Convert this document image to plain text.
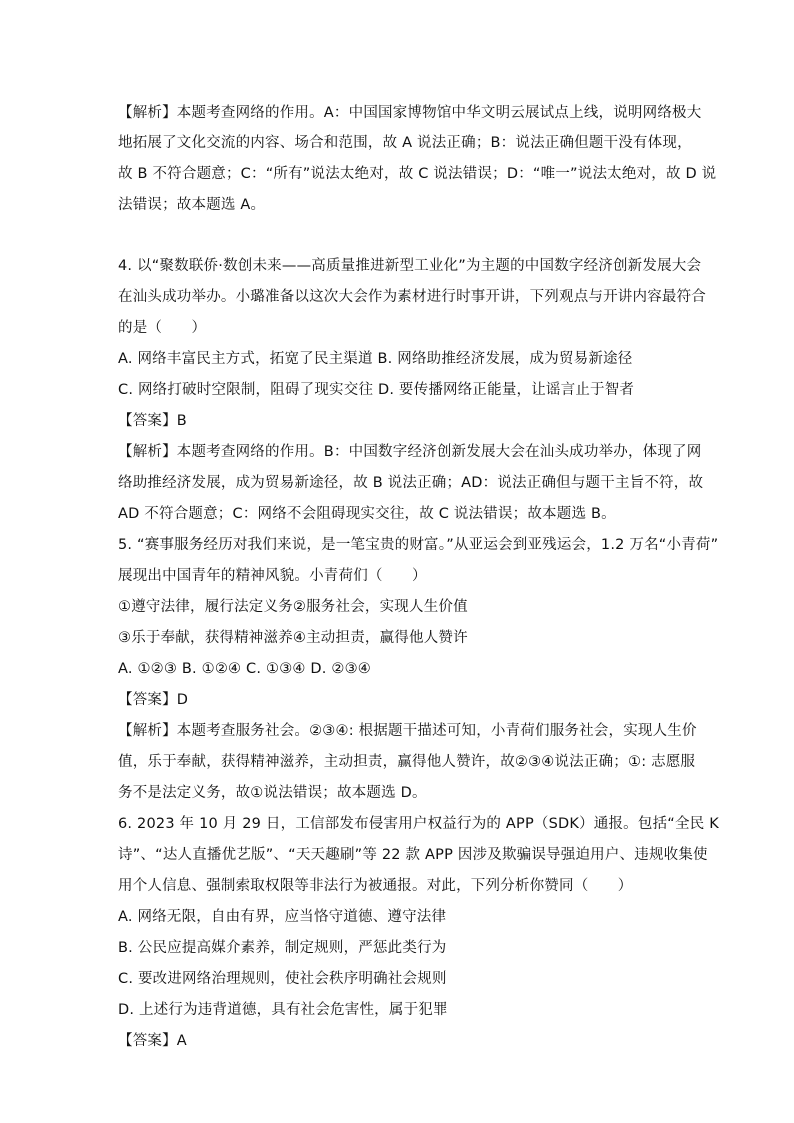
【解析】本题考查网络的作用。A：中国国家博物馆中华文明云展试点上线，说明网络极大
地拓展了文化交流的内容、场合和范围，故 A 说法正确；B：说法正确但题干没有体现，
故 B 不符合题意；C：“所有”说法太绝对，故 C 说法错误；D：“唯一”说法太绝对，故 D 说
法错误；故本题选 A。
4. 以“聚数联侨·数创未来——高质量推进新型工业化”为主题的中国数字经济创新发展大会
在汕头成功举办。小璐准备以这次大会作为素材进行时事开讲，下列观点与开讲内容最符合
的是（　　）
A. 网络丰富民主方式，拓宽了民主渠道 B. 网络助推经济发展，成为贸易新途径
C. 网络打破时空限制，阻碍了现实交往 D. 要传播网络正能量，让谣言止于智者
【答案】B
【解析】本题考查网络的作用。B：中国数字经济创新发展大会在汕头成功举办，体现了网
络助推经济发展，成为贸易新途径，故 B 说法正确；AD：说法正确但与题干主旨不符，故
AD 不符合题意；C：网络不会阻碍现实交往，故 C 说法错误；故本题选 B。
5. “赛事服务经历对我们来说，是一笔宝贵的财富。”从亚运会到亚残运会，1.2 万名“小青荷”
展现出中国青年的精神风貌。小青荷们（　　）
①遵守法律，履行法定义务②服务社会，实现人生价值
③乐于奉献，获得精神滋养④主动担责，赢得他人赞许
A. ①②③ B. ①②④ C. ①③④ D. ②③④
【答案】D
【解析】本题考查服务社会。②③④: 根据题干描述可知，小青荷们服务社会，实现人生价
值，乐于奉献，获得精神滋养，主动担责，赢得他人赞许，故②③④说法正确；①: 志愿服
务不是法定义务，故①说法错误；故本题选 D。
6. 2023 年 10 月 29 日，工信部发布侵害用户权益行为的 APP（SDK）通报。包括“全民 K
诗”、“达人直播优艺版”、“天天趣刷”等 22 款 APP 因涉及欺骗误导强迫用户、违规收集使
用个人信息、强制索取权限等非法行为被通报。对此，下列分析你赞同（　　）
A. 网络无限，自由有界，应当恪守道德、遵守法律
B. 公民应提高媒介素养，制定规则，严惩此类行为
C. 要改进网络治理规则，使社会秩序明确社会规则
D. 上述行为违背道德，具有社会危害性，属于犯罪
【答案】A
